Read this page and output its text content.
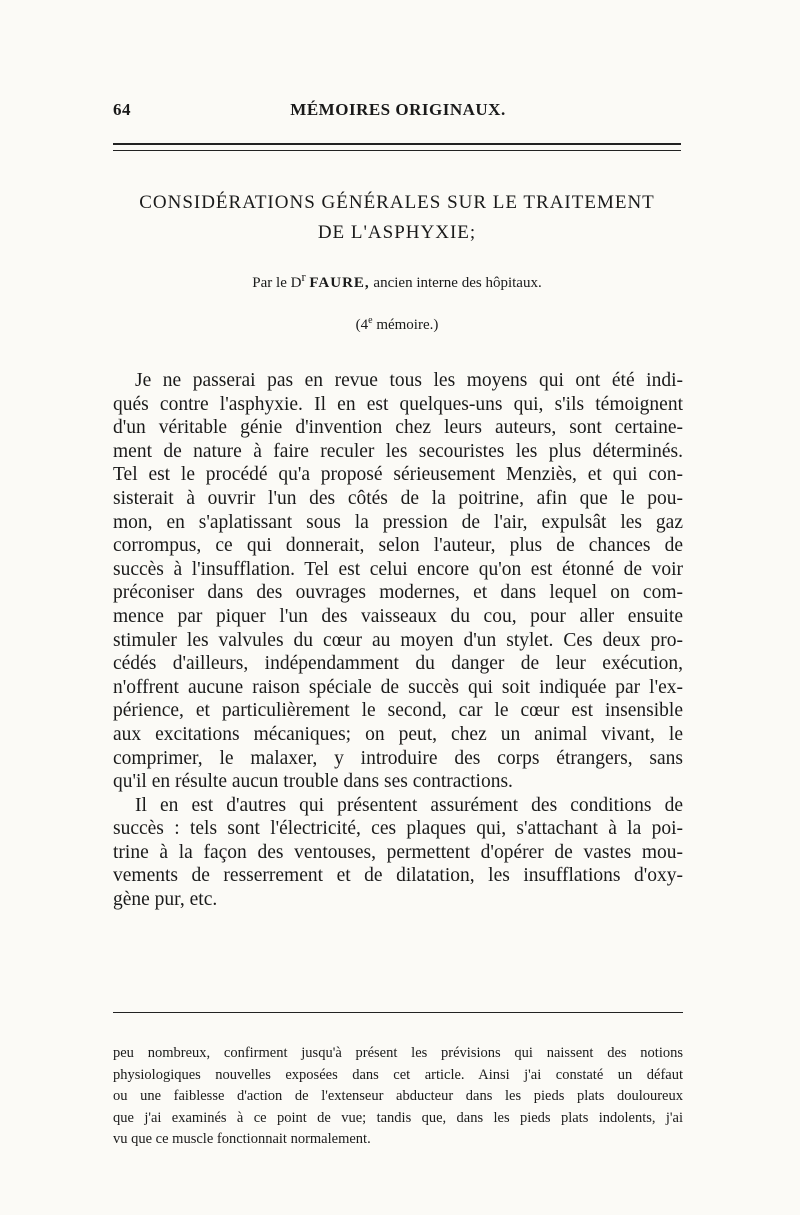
64	MÉMOIRES ORIGINAUX.
CONSIDÉRATIONS GÉNÉRALES SUR LE TRAITEMENT
DE L'ASPHYXIE;
Par le $D^r$ FAURE, ancien interne des hôpitaux.
(4e mémoire.)
Je ne passerai pas en revue tous les moyens qui ont été indi-
qués contre l'asphyxie. Il en est quelques-uns qui, s'ils témoignent
d'un véritable génie d'invention chez leurs auteurs, sont certaine-
ment de nature à faire reculer les secouristes les plus déterminés.
Tel est le procédé qu'a proposé sérieusement Menziès, et qui con-
sisterait à ouvrir l'un des côtés de la poitrine, afin que le pou-
mon, en s'aplatissant sous la pression de l'air, expulsât les gaz
corrompus, ce qui donnerait, selon l'auteur, plus de chances de
succès à l'insufflation. Tel est celui encore qu'on est étonné de voir
préconiser dans des ouvrages modernes, et dans lequel on com-
mence par piquer l'un des vaisseaux du cou, pour aller ensuite
stimuler les valvules du cœur au moyen d'un stylet. Ces deux pro-
cédés d'ailleurs, indépendamment du danger de leur exécution,
n'offrent aucune raison spéciale de succès qui soit indiquée par l'ex-
périence, et particulièrement le second, car le cœur est insensible
aux excitations mécaniques; on peut, chez un animal vivant, le
comprimer, le malaxer, y introduire des corps étrangers, sans
qu'il en résulte aucun trouble dans ses contractions.
Il en est d'autres qui présentent assurément des conditions de
succès : tels sont l'électricité, ces plaques qui, s'attachant à la poi-
trine à la façon des ventouses, permettent d'opérer de vastes mou-
vements de resserrement et de dilatation, les insufflations d'oxy-
gène pur, etc.
peu nombreux, confirment jusqu'à présent les prévisions qui naissent des notions
physiologiques nouvelles exposées dans cet article. Ainsi j'ai constaté un défaut
ou une faiblesse d'action de l'extenseur abducteur dans les pieds plats douloureux
que j'ai examinés à ce point de vue; tandis que, dans les pieds plats indolents, j'ai
vu que ce muscle fonctionnait normalement.
